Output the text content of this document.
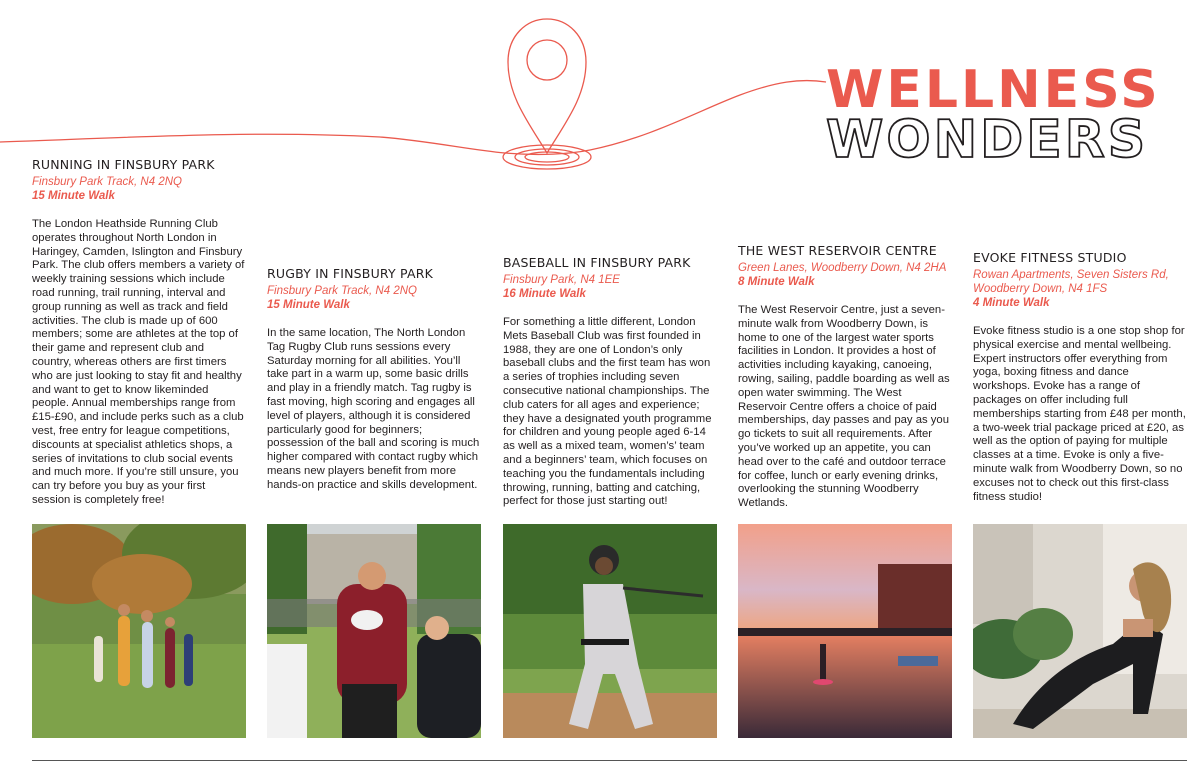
WELLNESS
WONDERS
RUNNING IN FINSBURY PARK

Finsbury Park Track, N4 2NQ

15 Minute Walk

The London Heathside Running Club operates throughout North London in Haringey, Camden, Islington and Finsbury Park. The club offers members a variety of weekly training sessions which include road running, trail running, interval and group running as well as track and field activities. The club is made up of 600 members; some are athletes at the top of their game and represent club and country, whereas others are first timers who are just looking to stay fit and healthy and want to get to know likeminded people. Annual memberships range from £15-£90, and include perks such as a club vest, free entry for league competitions, discounts at specialist athletics shops, a series of invitations to club social events and much more. If you’re still unsure, you can try before you buy as your first session is completely free!

RUGBY IN FINSBURY PARK

Finsbury Park Track, N4 2NQ

15 Minute Walk

In the same location, The North London Tag Rugby Club runs sessions every Saturday morning for all abilities. You’ll take part in a warm up, some basic drills and play in a friendly match. Tag rugby is fast moving, high scoring and engages all level of players, although it is considered particularly good for beginners; possession of the ball and scoring is much higher compared with contact rugby which means new players benefit from more hands-on practice and skills development.

BASEBALL IN FINSBURY PARK

Finsbury Park, N4 1EE

16 Minute Walk

For something a little different, London Mets Baseball Club was first founded in 1988, they are one of London’s only baseball clubs and the first team has won a series of trophies including seven consecutive national championships. The club caters for all ages and experience; they have a designated youth programme for children and young people aged 6-14 as well as a mixed team, women’s’ team and a beginners’ team, which focuses on teaching you the fundamentals including throwing, running, batting and catching, perfect for those just starting out!

THE WEST RESERVOIR CENTRE

Green Lanes, Woodberry Down, N4 2HA

8 Minute Walk

The West Reservoir Centre, just a seven-minute walk from Woodberry Down, is home to one of the largest water sports facilities in London. It provides a host of activities including kayaking, canoeing, rowing, sailing, paddle boarding as well as open water swimming. The West Reservoir Centre offers a choice of paid memberships, day passes and pay as you go tickets to suit all requirements. After you’ve worked up an appetite, you can head over to the café and outdoor terrace for coffee, lunch or early evening drinks, overlooking the stunning Woodberry Wetlands.

EVOKE FITNESS STUDIO

Rowan Apartments, Seven Sisters Rd, Woodberry Down, N4 1FS

4 Minute Walk

Evoke fitness studio is a one stop shop for physical exercise and mental wellbeing. Expert instructors offer everything from yoga, boxing fitness and dance workshops. Evoke has a range of packages on offer including full memberships starting from £48 per month, a two-week trial package priced at £20, as well as the option of paying for multiple classes at a time. Evoke is only a five-minute walk from Woodberry Down, so no excuses not to check out this first-class fitness studio!
